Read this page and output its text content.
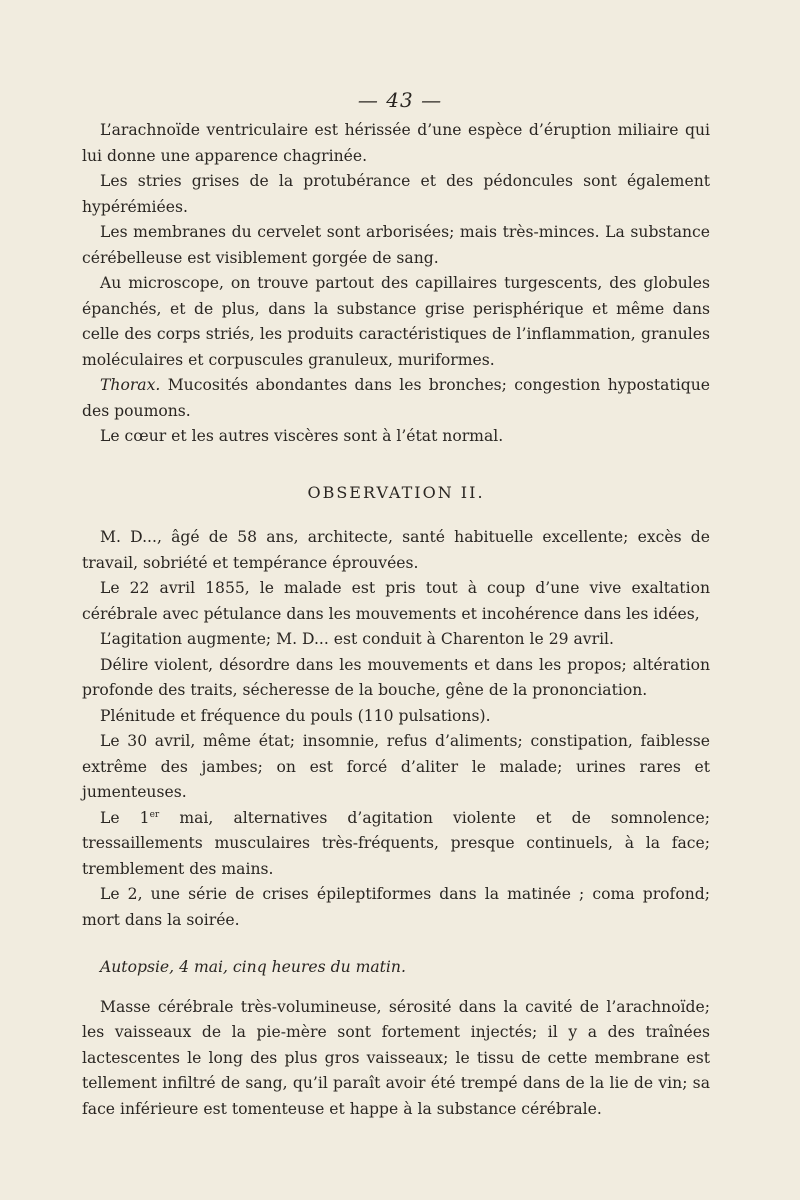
— 43 —

L’arachnoïde ventriculaire est hérissée d’une espèce d’éruption miliaire qui lui donne une apparence chagrinée.

Les stries grises de la protubérance et des pédoncules sont également hypérémiées.

Les membranes du cervelet sont arborisées; mais très-minces. La substance cérébelleuse est visiblement gorgée de sang.

Au microscope, on trouve partout des capillaires turgescents, des globules épanchés, et de plus, dans la substance grise perisphérique et même dans celle des corps striés, les produits caractéristiques de l’inflammation, granules moléculaires et corpuscules granuleux, muriformes.

Thorax. Mucosités abondantes dans les bronches; congestion hypostatique des poumons.

Le cœur et les autres viscères sont à l’état normal.

OBSERVATION II.

M. D..., âgé de 58 ans, architecte, santé habituelle excellente; excès de travail, sobriété et tempérance éprouvées.

Le 22 avril 1855, le malade est pris tout à coup d’une vive exaltation cérébrale avec pétulance dans les mouvements et incohérence dans les idées,

L’agitation augmente; M. D... est conduit à Charenton le 29 avril.

Délire violent, désordre dans les mouvements et dans les propos; altération profonde des traits, sécheresse de la bouche, gêne de la prononciation.

Plénitude et fréquence du pouls (110 pulsations).

Le 30 avril, même état; insomnie, refus d’aliments; constipation, faiblesse extrême des jambes; on est forcé d’aliter le malade; urines rares et jumenteuses.

Le 1er mai, alternatives d’agitation violente et de somnolence; tressaillements musculaires très-fréquents, presque continuels, à la face; tremblement des mains.

Le 2, une série de crises épileptiformes dans la matinée ; coma profond; mort dans la soirée.

Autopsie, 4 mai, cinq heures du matin.

Masse cérébrale très-volumineuse, sérosité dans la cavité de l’arachnoïde; les vaisseaux de la pie-mère sont fortement injectés; il y a des traînées lactescentes le long des plus gros vaisseaux; le tissu de cette membrane est tellement infiltré de sang, qu’il paraît avoir été trempé dans de la lie de vin; sa face inférieure est tomenteuse et happe à la substance cérébrale.
